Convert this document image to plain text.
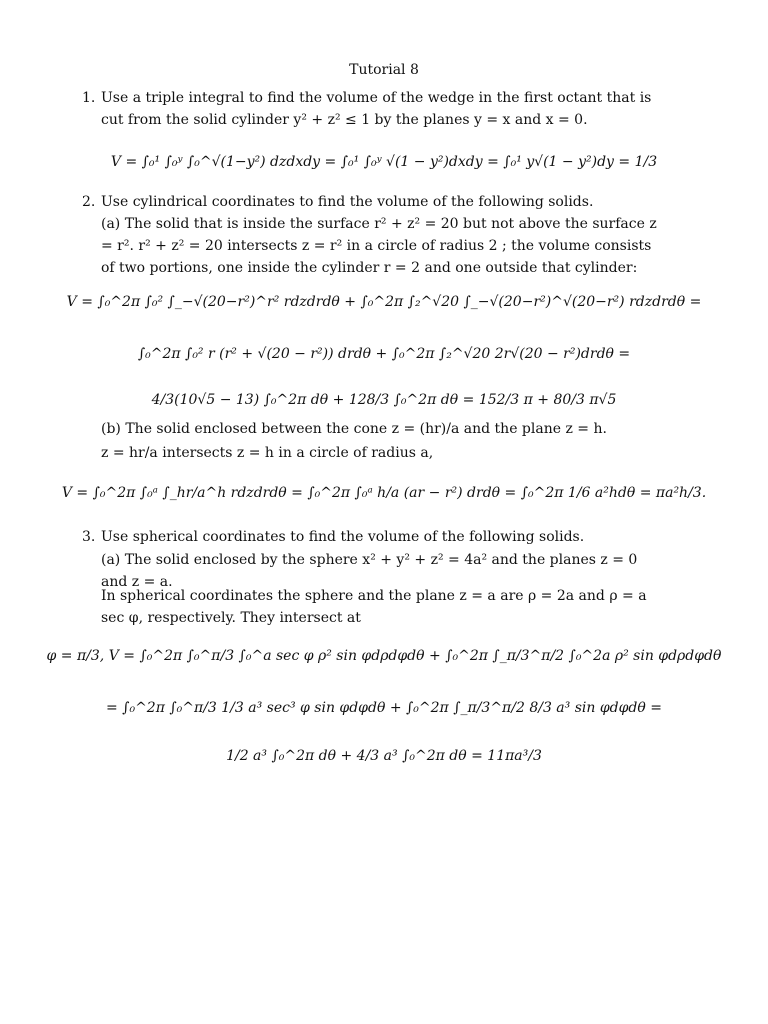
Tutorial 8
1. Use a triple integral to find the volume of the wedge in the first octant that is cut from the solid cylinder y² + z² ≤ 1 by the planes y = x and x = 0.

V = ∫₀¹ ∫₀ʸ ∫₀^√(1−y²) dzdxdy = ∫₀¹ ∫₀ʸ √(1 − y²)dxdy = ∫₀¹ y√(1 − y²)dy = 1/3
2. Use cylindrical coordinates to find the volume of the following solids.

(a) The solid that is inside the surface r² + z² = 20 but not above the surface z = r². r² + z² = 20 intersects z = r² in a circle of radius 2 ; the volume consists of two portions, one inside the cylinder r = 2 and one outside that cylinder:

V = ∫₀^2π ∫₀² ∫_−√(20−r²)^r² rdzdrdθ + ∫₀^2π ∫₂^√20 ∫_−√(20−r²)^√(20−r²) rdzdrdθ =
∫₀^2π ∫₀² r (r² + √(20 − r²)) drdθ + ∫₀^2π ∫₂^√20 2r√(20 − r²)drdθ =
4/3(10√5 − 13) ∫₀^2π dθ + 128/3 ∫₀^2π dθ = 152/3 π + 80/3 π√5

(b) The solid enclosed between the cone z = (hr)/a and the plane z = h.

z = hr/a intersects z = h in a circle of radius a,

V = ∫₀^2π ∫₀ᵃ ∫_hr/a^h rdzdrdθ = ∫₀^2π ∫₀ᵃ h/a (ar − r²) drdθ = ∫₀^2π 1/6 a²hdθ = πa²h/3.
3. Use spherical coordinates to find the volume of the following solids.

(a) The solid enclosed by the sphere x² + y² + z² = 4a² and the planes z = 0 and z = a.

In spherical coordinates the sphere and the plane z = a are ρ = 2a and ρ = a sec φ, respectively. They intersect at

φ = π/3, V = ∫₀^2π ∫₀^π/3 ∫₀^a sec φ ρ² sin φdρdφdθ + ∫₀^2π ∫_π/3^π/2 ∫₀^2a ρ² sin φdρdφdθ
= ∫₀^2π ∫₀^π/3 1/3 a³ sec³ φ sin φdφdθ + ∫₀^2π ∫_π/3^π/2 8/3 a³ sin φdφdθ =
1/2 a³ ∫₀^2π dθ + 4/3 a³ ∫₀^2π dθ = 11πa³/3
